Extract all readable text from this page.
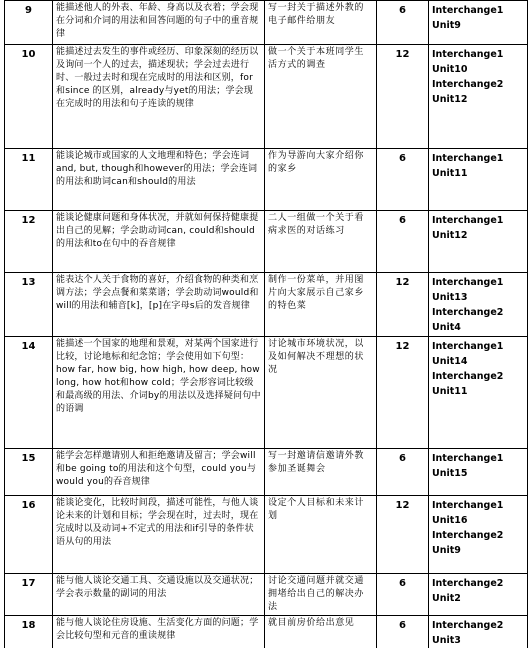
9	能描述他人的外表、年龄、身高以及衣着；学会现在分词和介词的用法和回答问题的句子中的重音规律	写一封关于描述外教的电子邮件给朋友	6	Interchange1
Unit9

10	能描述过去发生的事件或经历、印象深刻的经历以及询问一个人的过去，描述现状；学会过去进行时、一般过去时和现在完成时的用法和区别，for和since 的区别，already与yet的用法；学会现在完成时的用法和句子连读的规律	做一个关于本班同学生活方式的调查	12	Interchange1
Unit10
Interchange2
Unit12

11	能谈论城市或国家的人文地理和特色；学会连词and, but, though和however的用法；学会连词的用法和助词can和should的用法	作为导游向大家介绍你的家乡	6	Interchange1
Unit11

12	能谈论健康问题和身体状况，并就如何保持健康提出自己的见解；学会助动词can, could和should 的用法和to在句中的吞音规律	二人一组做一个关于看病求医的对话练习	6	Interchange1
Unit12

13	能表达个人关于食物的喜好，介绍食物的种类和烹调方法；学会点餐和菜菜谱；学会助动词would和will的用法和辅音[k]，[p]在字母s后的发音规律	制作一份菜单，并用图片向大家展示自己家乡的特色菜	12	Interchange1
Unit13
Interchange2
Unit4

14	能描述一个国家的地理和景观，对某两个国家进行比较，讨论地标和纪念馆；学会使用如下句型：how far, how big, how high, how deep, how long, how hot和how cold；学会形容词比较级和最高级的用法、介词by的用法以及选择疑问句中的语调	讨论城市环境状况，以及如何解决不理想的状况	12	Interchange1
Unit14
Interchange2
Unit11

15	能学会怎样邀请别人和拒绝邀请及留言；学会will和be going to的用法和这个句型，could you与would you的吞音规律	写一封邀请信邀请外教参加圣诞舞会	6	Interchange1
Unit15

16	能谈论变化，比较时间段，描述可能性，与他人谈论未来的计划和目标；学会现在时，过去时，现在完成时以及动词+不定式的用法和if引导的条件状语从句的用法	设定个人目标和未来计划	12	Interchange1
Unit16
Interchange2
Unit9

17	能与他人谈论交通工具、交通设施以及交通状况；学会表示数量的副词的用法	讨论交通问题并就交通拥堵给出自己的解决办法	6	Interchange2
Unit2

18	能与他人谈论住房设施、生活变化方面的问题；学会比较句型和元音的重读规律	就目前房价给出意见	6	Interchange2
Unit3
